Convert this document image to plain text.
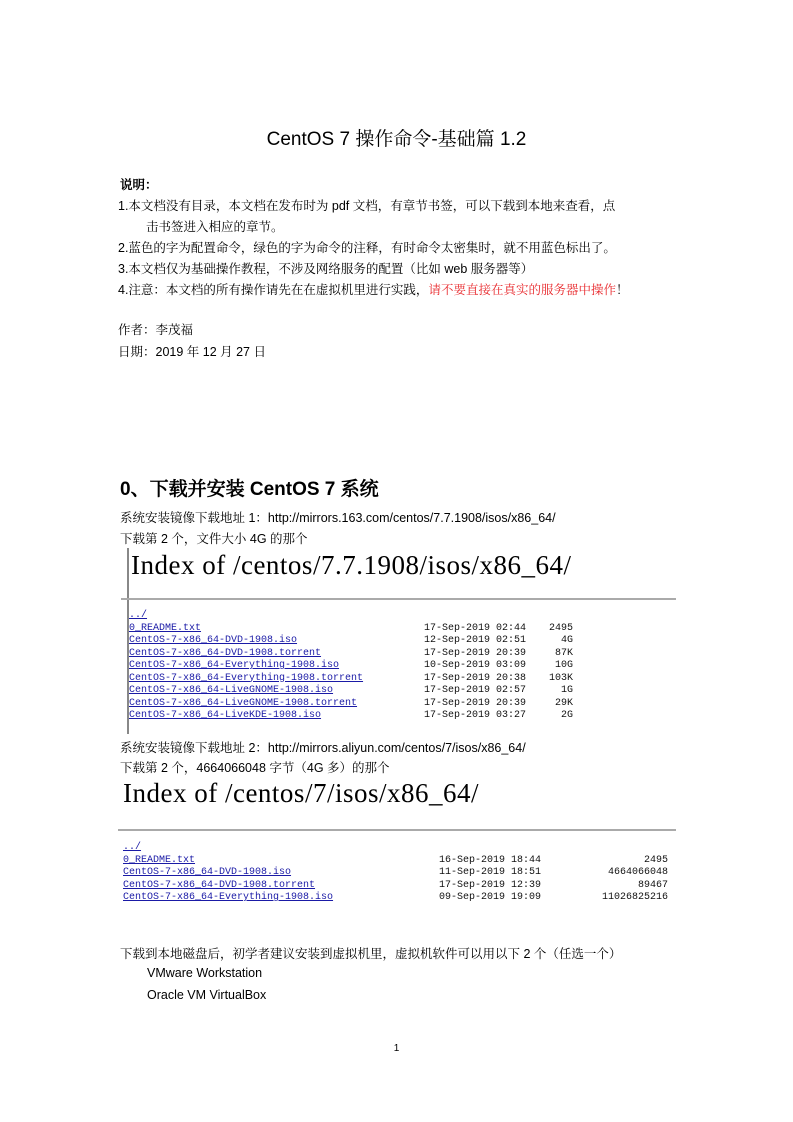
CentOS 7 操作命令-基础篇 1.2
说明：
1.本文档没有目录，本文档在发布时为 pdf 文档，有章节书签，可以下载到本地来查看，点
击书签进入相应的章节。
2.蓝色的字为配置命令，绿色的字为命令的注释，有时命令太密集时，就不用蓝色标出了。
3.本文档仅为基础操作教程，不涉及网络服务的配置（比如 web 服务器等）
4.注意：本文档的所有操作请先在在虚拟机里进行实践，请不要直接在真实的服务器中操作！
作者：李茂福
日期：2019 年 12 月 27 日
0、下载并安装 CentOS 7 系统
系统安装镜像下载地址 1：http://mirrors.163.com/centos/7.7.1908/isos/x86_64/
下载第 2 个，文件大小 4G 的那个
Index of /centos/7.7.1908/isos/x86_64/
../
0_README.txt	17-Sep-2019 02:44 2495
CentOS-7-x86_64-DVD-1908.iso	12-Sep-2019 02:51	4G
CentOS-7-x86_64-DVD-1908.torrent	17-Sep-2019 20:39	87K
CentOS-7-x86_64-Everything-1908.iso	10-Sep-2019 03:09	10G
CentOS-7-x86_64-Everything-1908.torrent	17-Sep-2019 20:38 103K
CentOS-7-x86_64-LiveGNOME-1908.iso	17-Sep-2019 02:57	1G
CentOS-7-x86_64-LiveGNOME-1908.torrent	17-Sep-2019 20:39	29K
CentOS-7-x86_64-LiveKDE-1908.iso	17-Sep-2019 03:27	2G
系统安装镜像下载地址 2：http://mirrors.aliyun.com/centos/7/isos/x86_64/
下载第 2 个，4664066048 字节（4G 多）的那个
Index of /centos/7/isos/x86_64/
../
0_README.txt	16-Sep-2019 18:44	2495
CentOS-7-x86_64-DVD-1908.iso	11-Sep-2019 18:51	4664066048
CentOS-7-x86_64-DVD-1908.torrent	17-Sep-2019 12:39	89467
CentOS-7-x86_64-Everything-1908.iso	09-Sep-2019 19:09	11026825216
下载到本地磁盘后，初学者建议安装到虚拟机里，虚拟机软件可以用以下 2 个（任选一个）
VMware Workstation
Oracle VM VirtualBox
1
